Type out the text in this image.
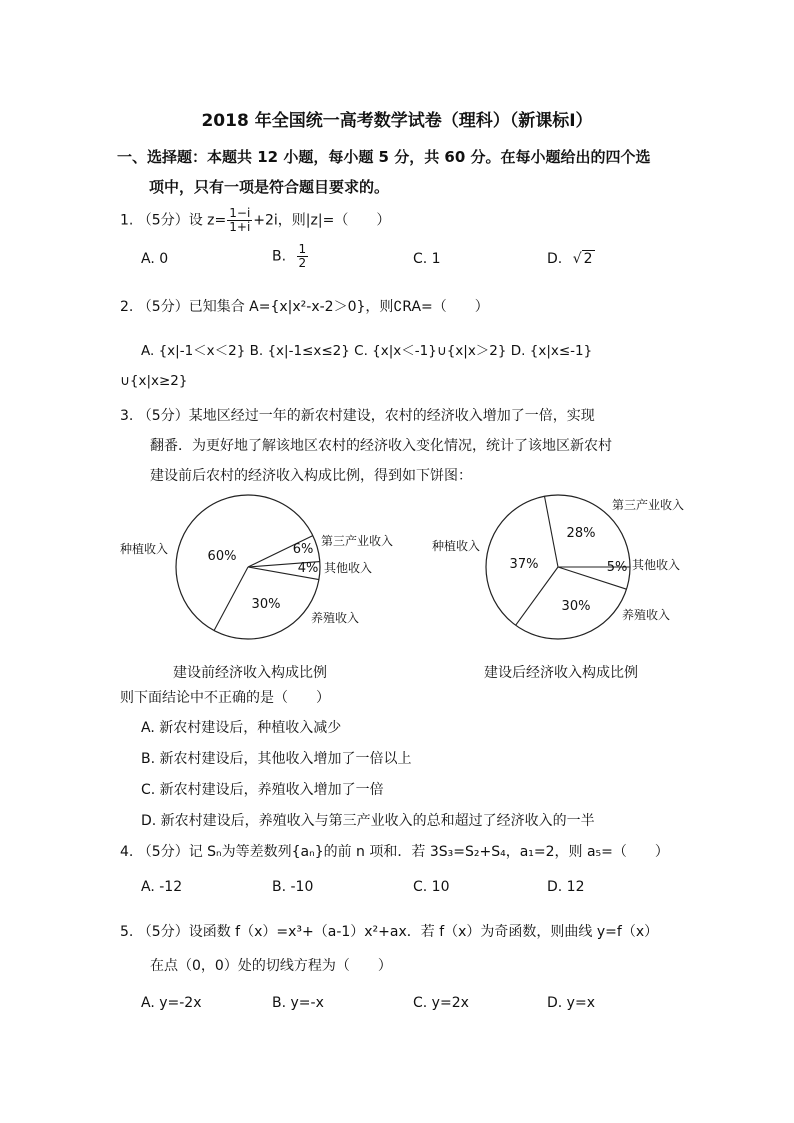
2018 年全国统一高考数学试卷（理科）（新课标Ⅰ）
一、选择题：本题共 12 小题，每小题 5 分，共 60 分。在每小题给出的四个选
项中，只有一项是符合题目要求的。
1. （5分）设 $z= \frac{1-i}{1+i} +2i$，则|z|=（　　）
A. 0	B. $\frac{1}{2}$	C. 1	D. √ 2
2. （5分）已知集合 A={x|x²-x-2＞0}，则∁RA=（　　）
A. {x|-1＜x＜2} B. {x|-1≤x≤2} C. {x|x＜-1}∪{x|x＞2} D. {x|x≤-1}
∪{x|x≥2}
3. （5分）某地区经过一年的新农村建设，农村的经济收入增加了一倍，实现
翻番．为更好地了解该地区农村的经济收入变化情况，统计了该地区新农村
建设前后农村的经济收入构成比例，得到如下饼图：
60%
种植收入	6%
第三产业收入
4% 其他收入
30%
养殖收入
37%
种植收入
28%
第三产业收入
5% 其他收入
30%
养殖收入
建设前经济收入构成比例	建设后经济收入构成比例
则下面结论中不正确的是（　　）
A. 新农村建设后，种植收入减少
B. 新农村建设后，其他收入增加了一倍以上
C. 新农村建设后，养殖收入增加了一倍
D. 新农村建设后，养殖收入与第三产业收入的总和超过了经济收入的一半
4. （5分）记 Sₙ为等差数列{aₙ}的前 n 项和．若 3S₃=S₂+S₄，a₁=2，则 a₅=（　　）
A. -12	B. -10	C. 10	D. 12
5. （5分）设函数 f（x）=x³+（a-1）x²+ax．若 f（x）为奇函数，则曲线 y=f（x）
在点（0，0）处的切线方程为（　　）
A. y=-2x	B. y=-x	C. y=2x	D. y=x
